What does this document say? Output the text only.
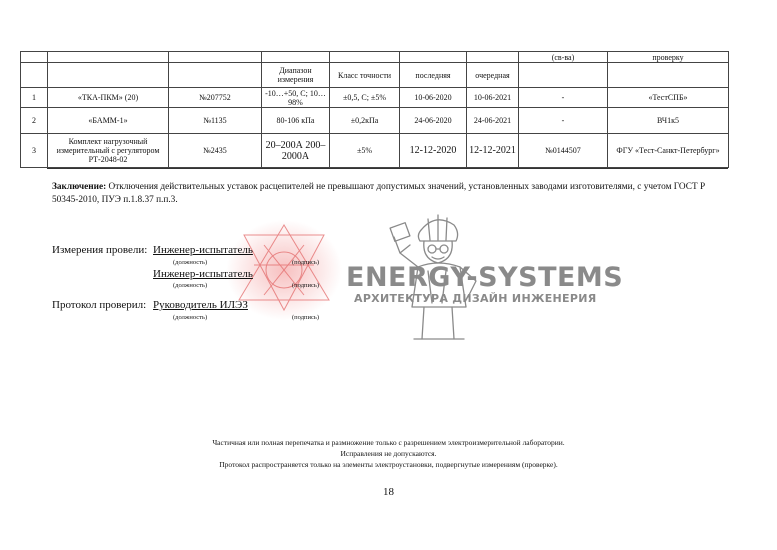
							(св-ва)	проверку
			Диапазон измерения	Класс точности	последняя	очередная		
1	«ТКА-ПКМ» (20)	№207752	-10…+50, С; 10…98%	±0,5, С; ±5%	10-06-2020	10-06-2021	-	«ТестСПБ»
2	«БАММ-1»	№1135	80-106 кПа	±0,2кПа	24-06-2020	24-06-2021	-	ВЧ1к5
3	Комплект нагрузочный измерительный с регулятором РТ-2048-02	№2435	20–200А 200–2000А	±5%	12-12-2020	12-12-2021	№0144507	ФГУ «Тест-Санкт-Петербург»
Заключение: Отключения действительных уставок расцепителей не превышают допустимых значений, установленных заводами изготовителями, с учетом ГОСТ Р 50345-2010, ПУЭ п.1.8.37 п.п.3.
Измерения провели: Инженер-испытатель
(должность)	(подпись)
Инженер-испытатель
(должность)	(подпись)
Протокол проверил: Руководитель ИЛЭЗ
(должность)	(подпись)
ENERGY-SYSTEMS
АРХИТЕКТУРА ДИЗАЙН ИНЖЕНЕРИЯ
Частичная или полная перепечатка и размножение только с разрешением электроизмерительной лаборатории.
Исправления не допускаются.
Протокол распространяется только на элементы электроустановки, подвергнутые измерениям (проверке).
18
